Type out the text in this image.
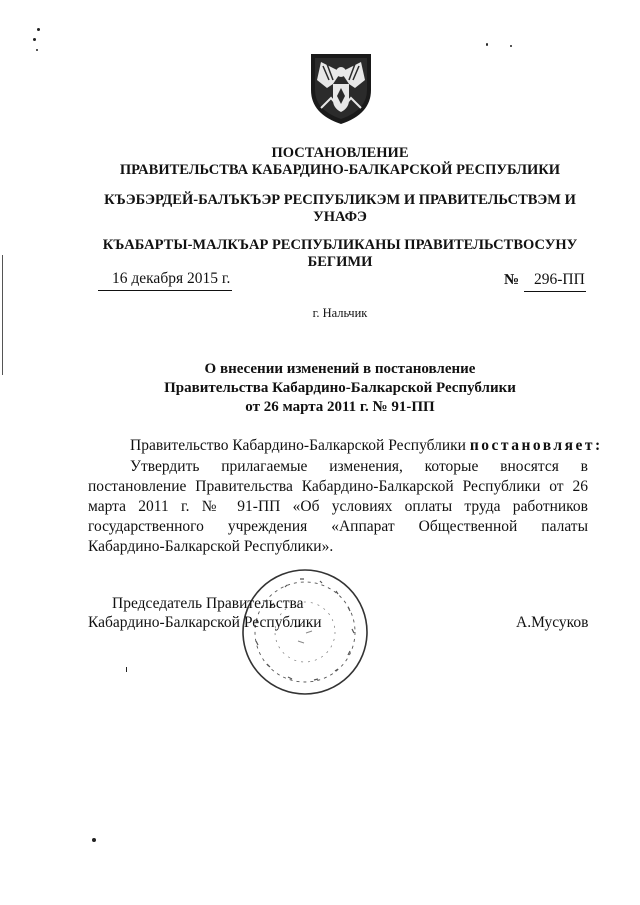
ПОСТАНОВЛЕНИЕ
ПРАВИТЕЛЬСТВА КАБАРДИНО-БАЛКАРСКОЙ РЕСПУБЛИКИ
КЪЭБЭРДЕЙ-БАЛЪКЪЭР РЕСПУБЛИКЭМ И ПРАВИТЕЛЬСТВЭМ И
УНАФЭ
КЪАБАРТЫ-МАЛКЪАР РЕСПУБЛИКАНЫ ПРАВИТЕЛЬСТВОСУНУ
БЕГИМИ
16 декабря 2015 г.	№ 296-ПП
г. Нальчик
О внесении изменений в постановление
Правительства Кабардино-Балкарской Республики
от 26 марта 2011 г. № 91-ПП
Правительство Кабардино-Балкарской Республики постановляет:
Утвердить прилагаемые изменения, которые вносятся в постановление Правительства Кабардино-Балкарской Республики от 26 марта 2011 г. № 91-ПП «Об условиях оплаты труда работников государственного учреждения «Аппарат Общественной палаты Кабардино-Балкарской Республики».
Председатель Правительства
Кабардино-Балкарской Республики	А.Мусуков
